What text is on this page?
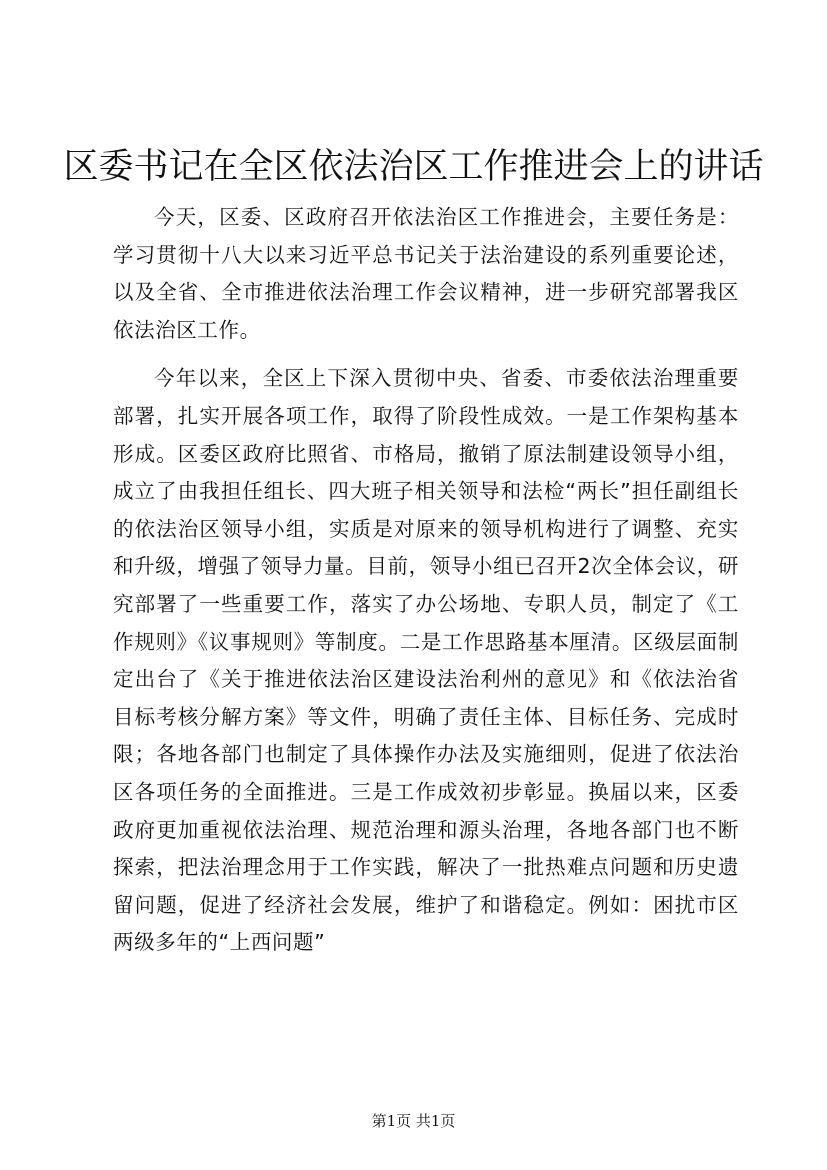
区委书记在全区依法治区工作推进会上的讲话

今天，区委、区政府召开依法治区工作推进会，主要任务是：学习贯彻十八大以来习近平总书记关于法治建设的系列重要论述，以及全省、全市推进依法治理工作会议精神，进一步研究部署我区依法治区工作。

今年以来，全区上下深入贯彻中央、省委、市委依法治理重要部署，扎实开展各项工作，取得了阶段性成效。一是工作架构基本形成。区委区政府比照省、市格局，撤销了原法制建设领导小组，成立了由我担任组长、四大班子相关领导和法检“两长”担任副组长的依法治区领导小组，实质是对原来的领导机构进行了调整、充实和升级，增强了领导力量。目前，领导小组已召开2次全体会议，研究部署了一些重要工作，落实了办公场地、专职人员，制定了《工作规则》《议事规则》等制度。二是工作思路基本厘清。区级层面制定出台了《关于推进依法治区建设法治利州的意见》和《依法治省目标考核分解方案》等文件，明确了责任主体、目标任务、完成时限；各地各部门也制定了具体操作办法及实施细则，促进了依法治区各项任务的全面推进。三是工作成效初步彰显。换届以来，区委政府更加重视依法治理、规范治理和源头治理，各地各部门也不断探索，把法治理念用于工作实践，解决了一批热难点问题和历史遗留问题，促进了经济社会发展，维护了和谐稳定。例如：困扰市区两级多年的“上西问题”

第1页 共1页
